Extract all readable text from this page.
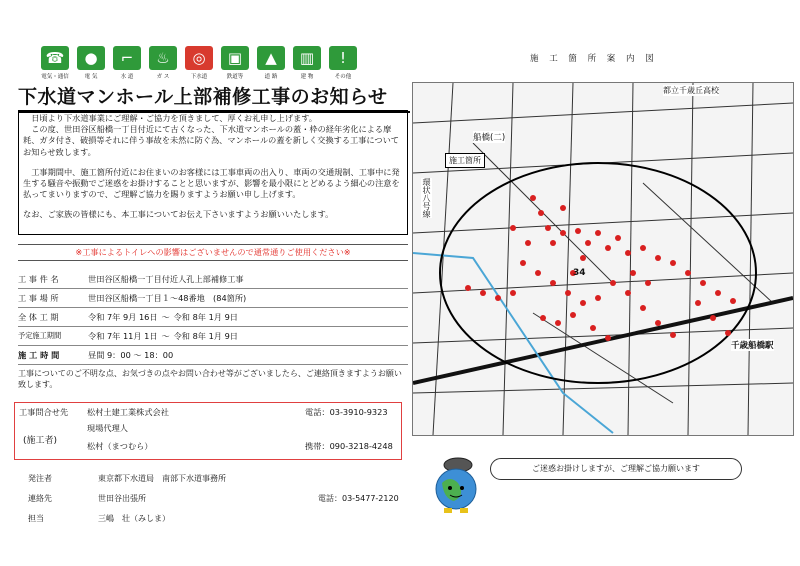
☎
電気・通信
●
電 気
⌐
水 道
♨
ガ ス
◎
下水道
▣
鉄道等
▲
道 路
▥
建 物
!
その他
下水道マンホール上部補修工事のお知らせ

日頃より下水道事業にご理解・ご協力を頂きまして、厚くお礼申し上げます。

この度、世田谷区船橋一丁目付近にて古くなった、下水道マンホールの蓋・枠の経年劣化による摩耗、ガタ付き、破損等それに伴う事故を未然に防ぐ為、マンホールの蓋を新しく交換する工事についてお知らせ致します。

工事期間中、施工箇所付近にお住まいのお客様には工事車両の出入り、車両の交通規制、工事中に発生する騒音や振動でご迷惑をお掛けすることと思いますが、影響を最小限にとどめるよう細心の注意を払ってまいりますので、ご理解ご協力を賜りますようお願い申し上げます。

なお、ご家族の皆様にも、本工事についてお伝え下さいますようお願いいたします。

※工事によるトイレへの影響はございませんので通常通りご使用ください※
工 事 件 名	世田谷区船橋一丁目付近人孔上部補修工事
工 事 場 所	世田谷区船橋一丁目１～48番地　(84箇所)
全 体 工 期	令和 7年 9月 16日 ～ 令和 8年 1月 9日
予定施工期間	令和 7年 11月 1日 ～ 令和 8年 1月 9日
施 工 時 間	昼間 9：00 ～ 18：00
工事についてのご不明な点、お気づきの点やお問い合わせ等がございましたら、ご連絡頂きますようお願い致します。
工事問合せ先 松村土建工業株式会社	電話：03-3910-9323
(施工者)
現場代理人
松村（まつむら）	携帯：090-3218-4248
発注者	東京都下水道局　南部下水道事務所
連絡先	世田谷出張所	電話：03-5477-2120
担当	三嶋　壮（みしま）
施 工 箇 所 案 内 図
施工箇所
環状八号線
船橋(二)
都立千歳丘高校
34
千歳船橋駅
ご迷惑お掛けしますが、ご理解ご協力願います
